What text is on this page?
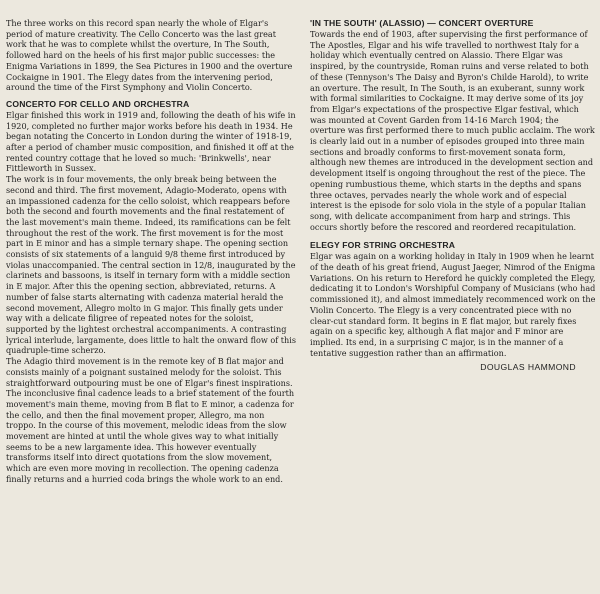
The three works on this record span nearly the whole of Elgar's period of mature creativity. The Cello Concerto was the last great work that he was to complete whilst the overture, In The South, followed hard on the heels of his first major public successes: the Enigma Variations in 1899, the Sea Pictures in 1900 and the overture Cockaigne in 1901. The Elegy dates from the intervening period, around the time of the First Symphony and Violin Concerto.

CONCERTO FOR CELLO AND ORCHESTRA

Elgar finished this work in 1919 and, following the death of his wife in 1920, completed no further major works before his death in 1934. He began notating the Concerto in London during the winter of 1918-19, after a period of chamber music composition, and finished it off at the rented country cottage that he loved so much: 'Brinkwells', near Fittleworth in Sussex.

The work is in four movements, the only break being between the second and third. The first movement, Adagio-Moderato, opens with an impassioned cadenza for the cello soloist, which reappears before both the second and fourth movements and the final restatement of the last movement's main theme. Indeed, its ramifications can be felt throughout the rest of the work. The first movement is for the most part in E minor and has a simple ternary shape. The opening section consists of six statements of a languid 9/8 theme first introduced by violas unaccompanied. The central section in 12/8, inaugurated by the clarinets and bassoons, is itself in ternary form with a middle section in E major. After this the opening section, abbreviated, returns. A number of false starts alternating with cadenza material herald the second movement, Allegro molto in G major. This finally gets under way with a delicate filigree of repeated notes for the soloist, supported by the lightest orchestral accompaniments. A contrasting lyrical interlude, largamente, does little to halt the onward flow of this quadruple-time scherzo.

The Adagio third movement is in the remote key of B flat major and consists mainly of a poignant sustained melody for the soloist. This straightforward outpouring must be one of Elgar's finest inspirations. The inconclusive final cadence leads to a brief statement of the fourth movement's main theme, moving from B flat to E minor, a cadenza for the cello, and then the final movement proper, Allegro, ma non troppo. In the course of this movement, melodic ideas from the slow movement are hinted at until the whole gives way to what initially seems to be a new largamente idea. This however eventually transforms itself into direct quotations from the slow movement, which are even more moving in recollection. The opening cadenza finally returns and a hurried coda brings the whole work to an end.

'IN THE SOUTH' (ALASSIO) — CONCERT OVERTURE

Towards the end of 1903, after supervising the first performance of The Apostles, Elgar and his wife travelled to northwest Italy for a holiday which eventually centred on Alassio. There Elgar was inspired, by the countryside, Roman ruins and verse related to both of these (Tennyson's The Daisy and Byron's Childe Harold), to write an overture. The result, In The South, is an exuberant, sunny work with formal similarities to Cockaigne. It may derive some of its joy from Elgar's expectations of the prospective Elgar festival, which was mounted at Covent Garden from 14-16 March 1904; the overture was first performed there to much public acclaim. The work is clearly laid out in a number of episodes grouped into three main sections and broadly conforms to first-movement sonata form, although new themes are introduced in the development section and development itself is ongoing throughout the rest of the piece. The opening rumbustious theme, which starts in the depths and spans three octaves, pervades nearly the whole work and of especial interest is the episode for solo viola in the style of a popular Italian song, with delicate accompaniment from harp and strings. This occurs shortly before the rescored and reordered recapitulation.

ELEGY FOR STRING ORCHESTRA

Elgar was again on a working holiday in Italy in 1909 when he learnt of the death of his great friend, August Jaeger, Nimrod of the Enigma Variations. On his return to Hereford he quickly completed the Elegy, dedicating it to London's Worshipful Company of Musicians (who had commissioned it), and almost immediately recommenced work on the Violin Concerto. The Elegy is a very concentrated piece with no clear-cut standard form. It begins in E flat major, but rarely fixes again on a specific key, although A flat major and F minor are implied. Its end, in a surprising C major, is in the manner of a tentative suggestion rather than an affirmation.

DOUGLAS HAMMOND
